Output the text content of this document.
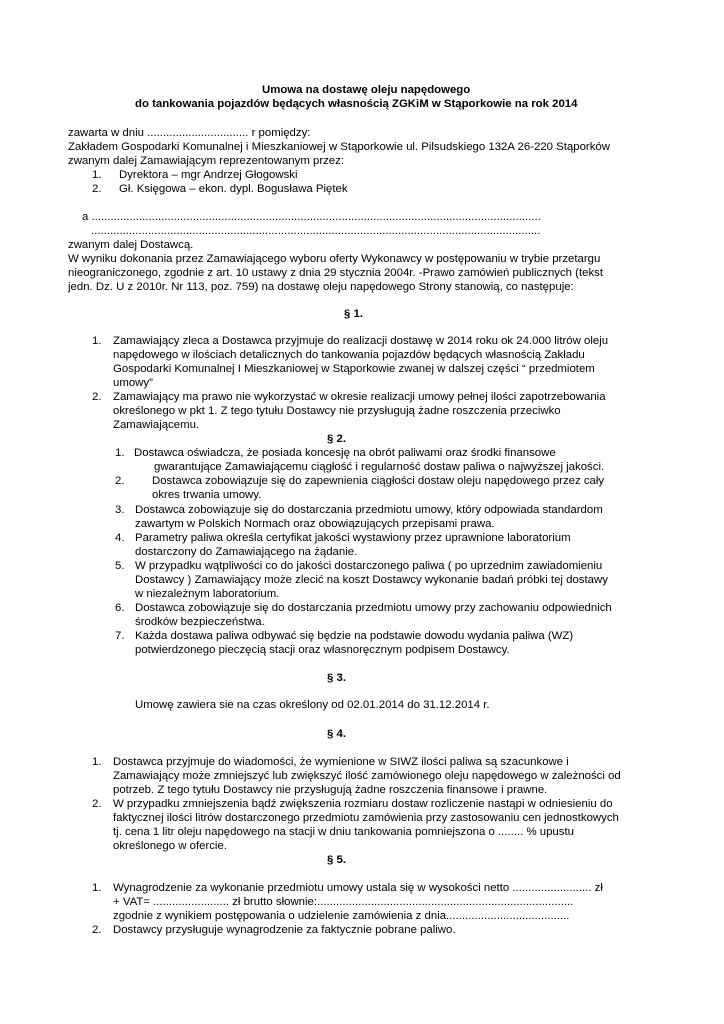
Umowa na dostawę oleju napędowego
do tankowania pojazdów będących własnością ZGKiM w Stąporkowie na rok 2014
zawarta w dniu ................................ r pomiędzy:
Zakładem Gospodarki Komunalnej i Mieszkaniowej w Stąporkowie ul. Pilsudskiego 132A 26-220 Stąporków
zwanym dalej Zamawiającym reprezentowanym przez:
1. Dyrektora – mgr Andrzej Głogowski
2. Gł. Księgowa – ekon. dypl. Bogusława Piętek
a ..............................................................................................................................................
..............................................................................................................................................
zwanym dalej Dostawcą.
W wyniku dokonania przez Zamawiającego wyboru oferty Wykonawcy w postępowaniu w trybie przetargu
nieograniczonego, zgodnie z art. 10 ustawy z dnia 29 stycznia 2004r. -Prawo zamówień publicznych (tekst
jedn. Dz. U z 2010r. Nr 113, poz. 759) na dostawę oleju napędowego Strony stanowią, co następuje:
§ 1.
1. Zamawiający zleca a Dostawca przyjmuje do realizacji dostawę w 2014 roku ok 24.000 litrów oleju
napędowego w ilościach detalicznych do tankowania pojazdów będących własnością Zakładu
Gospodarki Komunalnej I Mieszkaniowej w Stąporkowie zwanej w dalszej części “ przedmiotem
umowy”
2. Zamawiający ma prawo nie wykorzystać w okresie realizacji umowy pełnej ilości zapotrzebowania
określonego w pkt 1. Z tego tytułu Dostawcy nie przysługują żadne roszczenia przeciwko
Zamawiającemu.
§ 2.
1. Dostawca oświadcza, że posiada koncesję na obrót paliwami oraz środki finansowe
gwarantujące Zamawiającemu ciągłość i regularność dostaw paliwa o najwyższej jakości.
2. Dostawca zobowiązuje się do zapewnienia ciągłości dostaw oleju napędowego przez cały
okres trwania umowy.
3. Dostawca zobowiązuje się do dostarczania przedmiotu umowy, który odpowiada standardom
zawartym w Polskich Normach oraz obowiązujących przepisami prawa.
4. Parametry paliwa określa certyfikat jakości wystawiony przez uprawnione laboratorium
dostarczony do Zamawiającego na żądanie.
5. W przypadku wątpliwości co do jakości dostarczonego paliwa ( po uprzednim zawiadomieniu
Dostawcy ) Zamawiający może zlecić na koszt Dostawcy wykonanie badań próbki tej dostawy
w niezależnym laboratorium.
6. Dostawca zobowiązuje się do dostarczania przedmiotu umowy przy zachowaniu odpowiednich
środków bezpieczeństwa.
7. Każda dostawa paliwa odbywać się będzie na podstawie dowodu wydania paliwa (WZ)
potwierdzonego pieczęcią stacji oraz własnoręcznym podpisem Dostawcy.
§ 3.
Umowę zawiera sie na czas określony od 02.01.2014 do 31.12.2014 r.
§ 4.
1. Dostawca przyjmuje do wiadomości, że wymienione w SIWZ ilości paliwa są szacunkowe i
Zamawiający może zmniejszyć lub zwiększyć ilość zamówionego oleju napędowego w zależności od
potrzeb. Z tego tytułu Dostawcy nie przysługują żadne roszczenia finansowe i prawne.
2. W przypadku zmniejszenia bądź zwiększenia rozmiaru dostaw rozliczenie nastąpi w odniesieniu do
faktycznej ilości litrów dostarczonego przedmiotu zamówienia przy zastosowaniu cen jednostkowych
tj. cena 1 litr oleju napędowego na stacji w dniu tankowania pomniejszona o ........ % upustu
określonego w ofercie.
§ 5.
1. Wynagrodzenie za wykonanie przedmiotu umowy ustala się w wysokości netto ......................... zł
+ VAT= ........................ zł brutto słownie:.................................................................................
zgodnie z wynikiem postępowania o udzielenie zamówienia z dnia.......................................
2. Dostawcy przysługuje wynagrodzenie za faktycznie pobrane paliwo.
